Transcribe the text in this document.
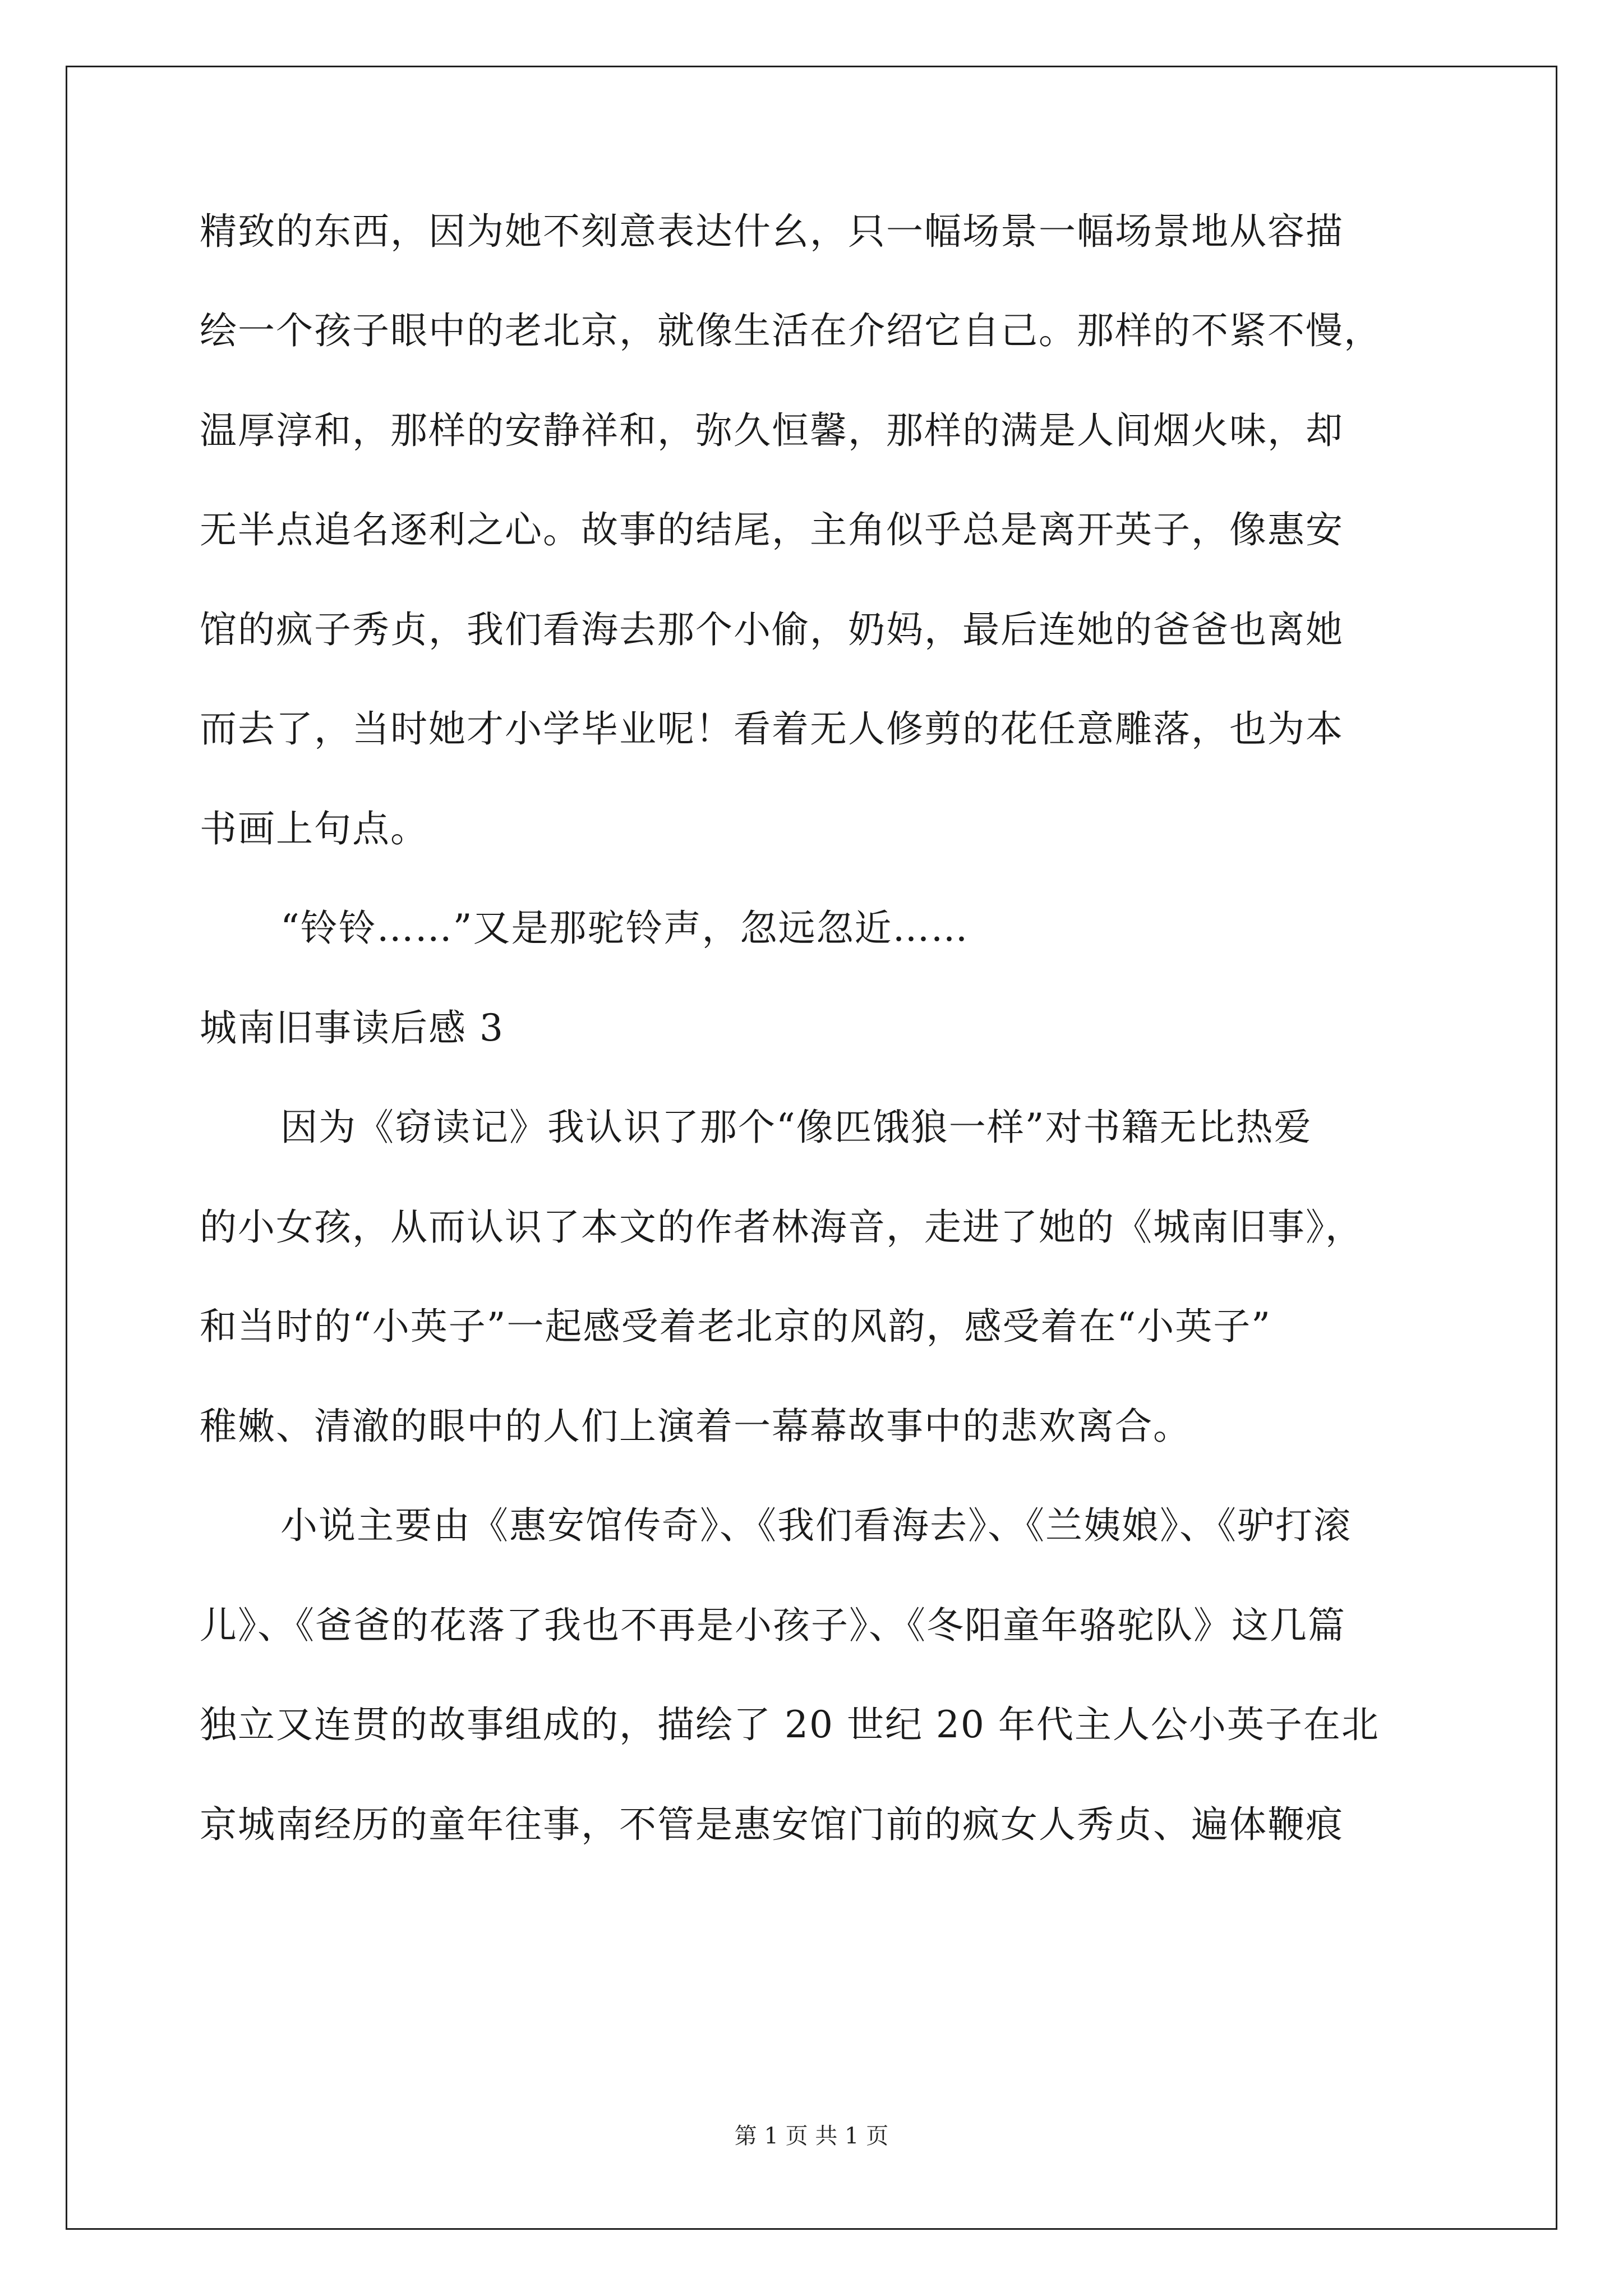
精致的东西，因为她不刻意表达什幺，只一幅场景一幅场景地从容描
绘一个孩子眼中的老北京，就像生活在介绍它自己。那样的不紧不慢，
温厚淳和，那样的安静祥和，弥久恒馨，那样的满是人间烟火味，却
无半点追名逐利之心。故事的结尾，主角似乎总是离开英子，像惠安
馆的疯子秀贞，我们看海去那个小偷，奶妈，最后连她的爸爸也离她
而去了，当时她才小学毕业呢！看着无人修剪的花任意雕落，也为本
书画上句点。
“铃铃……”又是那驼铃声，忽远忽近……
城南旧事读后感 3
因为《窃读记》我认识了那个“像匹饿狼一样”对书籍无比热爱
的小女孩，从而认识了本文的作者林海音，走进了她的《城南旧事》，
和当时的“小英子”一起感受着老北京的风韵，感受着在“小英子”
稚嫩、清澈的眼中的人们上演着一幕幕故事中的悲欢离合。
小说主要由《惠安馆传奇》、《我们看海去》、《兰姨娘》、《驴打滚
儿》、《爸爸的花落了我也不再是小孩子》、《冬阳童年骆驼队》这几篇
独立又连贯的故事组成的，描绘了 20 世纪 20 年代主人公小英子在北
京城南经历的童年往事，不管是惠安馆门前的疯女人秀贞、遍体鞭痕
第 1 页 共 1 页
